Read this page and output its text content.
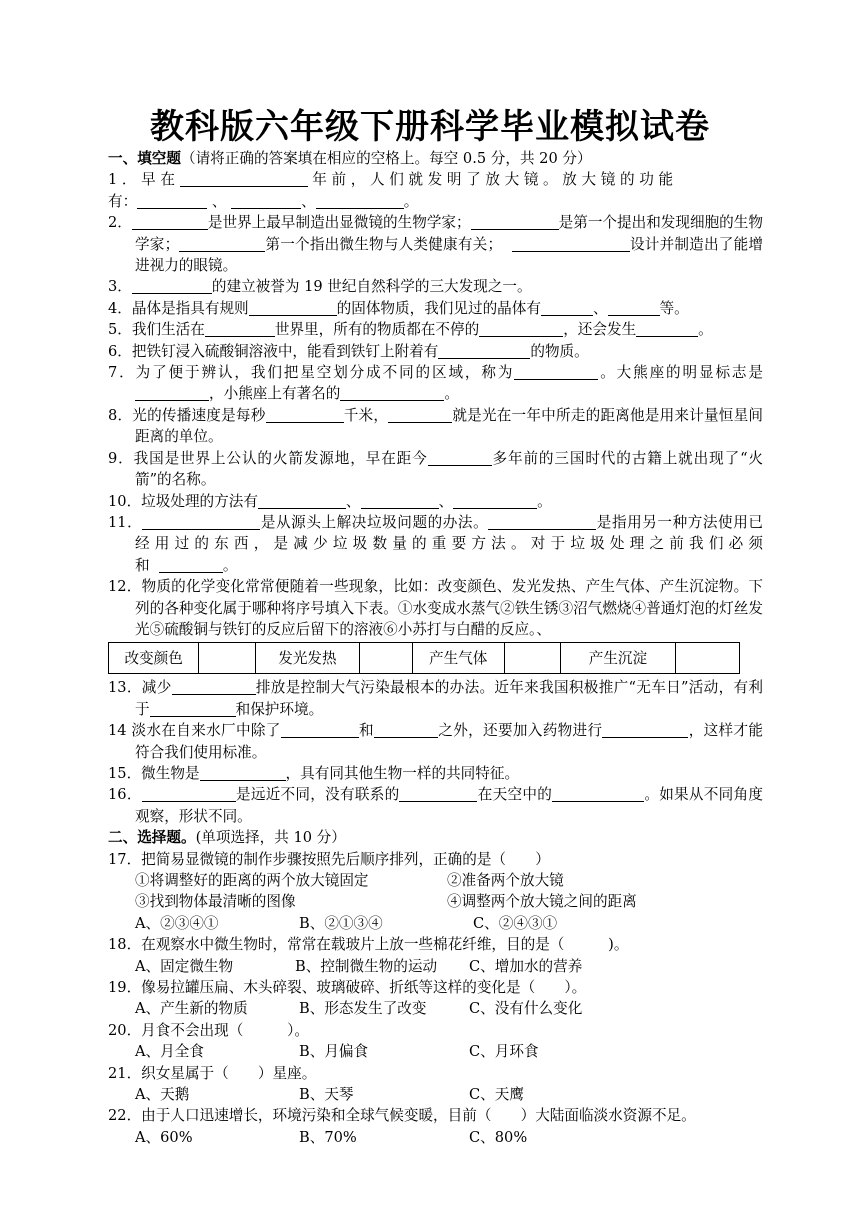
教科版六年级下册科学毕业模拟试卷

一、填空题（请将正确的答案填在相应的空格上。每空 0.5 分，共 20 分）

1 ． 早 在	年 前 ， 人 们 就 发 明 了 放 大 镜 。 放 大 镜 的 功 能
有：	、	、	。

2．	是世界上最早制造出显微镜的生物学家；	是第一个提出和发现细胞的生物学家；	第一个指出微生物与人类健康有关；	设计并制造出了能增进视力的眼镜。

3．	的建立被誉为 19 世纪自然科学的三大发现之一。

4．晶体是指具有规则	的固体物质，我们见过的晶体有	、	等。

5．我们生活在	世界里，所有的物质都在不停的	，还会发生	。

6．把铁钉浸入硫酸铜溶液中，能看到铁钉上附着有	的物质。

7．为了便于辨认，我们把星空划分成不同的区域，称为	。大熊座的明显标志是，小熊座上有著名的	。

8．光的传播速度是每秒	千米，	就是光在一年中所走的距离他是用来计量恒星间距离的单位。

9．我国是世界上公认的火箭发源地，早在距今	多年前的三国时代的古籍上就出现了“火箭”的名称。

10．垃圾处理的方法有	、	、	。

11．	是从源头上解决垃圾问题的办法。	是指用另一种方法使用已 经 用 过 的 东 西 ， 是 减 少 垃 圾 数 量 的 重 要 方 法 。 对 于 垃 圾 处 理 之 前 我 们 必 须和	。

12．物质的化学变化常常便随着一些现象，比如：改变颜色、发光发热、产生气体、产生沉淀物。下列的各种变化属于哪种将序号填入下表。①水变成水蒸气②铁生锈③沼气燃烧④普通灯泡的灯丝发光⑤硫酸铜与铁钉的反应后留下的溶液⑥小苏打与白醋的反应。、

改变颜色		发光发热		产生气体		产生沉淀	

13．减少	排放是控制大气污染最根本的办法。近年来我国积极推广“无车日”活动，有利于	和保护环境。

14 淡水在自来水厂中除了	和	之外，还要加入药物进行	，这样才能符合我们使用标准。

15．微生物是	，具有同其他生物一样的共同特征。

16．	是远近不同，没有联系的	在天空中的	。如果从不同角度观察，形状不同。

二、选择题。(单项选择，共 10 分）

17．把简易显微镜的制作步骤按照先后顺序排列，正确的是（　　）

①将调整好的距离的两个放大镜固定	②准备两个放大镜
③找到物体最清晰的图像	④调整两个放大镜之间的距离
A、②③④①	B、②①③④	C、②④③①

18．在观察水中微生物时，常常在载玻片上放一些棉花纤维，目的是（　　　)。

A、固定微生物	B、控制微生物的运动	C、增加水的营养

19．像易拉罐压扁、木头碎裂、玻璃破碎、折纸等这样的变化是（　　）。

A、产生新的物质	B、形态发生了改变	C、没有什么变化

20．月食不会出现（　　　）。

A、月全食	B、月偏食	C、月环食

21．织女星属于（　　）星座。

A、天鹅	B、天琴	C、天鹰

22．由于人口迅速增长，环境污染和全球气候变暖，目前（　　）大陆面临淡水资源不足。

A、60%	B、70%	C、80%
